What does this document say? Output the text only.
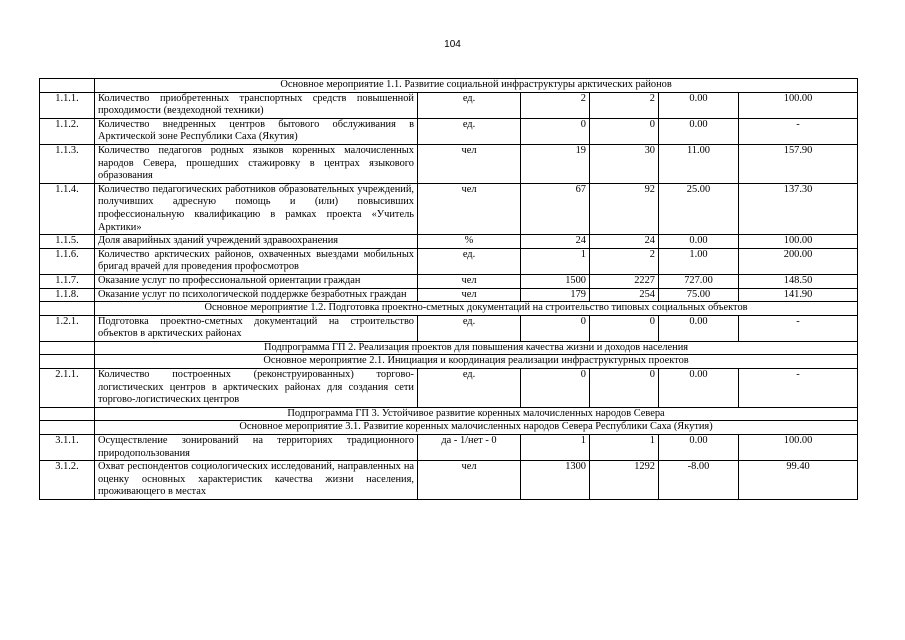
104
	Основное мероприятие 1.1. Развитие социальной инфраструктуры арктических районов					
1.1.1.	Количество приобретенных транспортных средств повышенной проходимости (вездеходной техники)	ед.	2	2	0.00	100.00
1.1.2.	Количество внедренных центров бытового обслуживания в Арктической зоне Республики Саха (Якутия)	ед.	0	0	0.00	-
1.1.3.	Количество педагогов родных языков коренных малочисленных народов Севера, прошедших стажировку в центрах языкового образования	чел	19	30	11.00	157.90
1.1.4.	Количество педагогических работников образовательных учреждений, получивших адресную помощь и (или) повысивших профессиональную квалификацию в рамках проекта «Учитель Арктики»	чел	67	92	25.00	137.30
1.1.5.	Доля аварийных зданий учреждений здравоохранения	%	24	24	0.00	100.00
1.1.6.	Количество арктических районов, охваченных выездами мобильных бригад врачей для проведения профосмотров	ед.	1	2	1.00	200.00
1.1.7.	Оказание услуг по профессиональной ориентации граждан	чел	1500	2227	727.00	148.50
1.1.8.	Оказание услуг по психологической поддержке безработных граждан	чел	179	254	75.00	141.90
	Основное мероприятие 1.2. Подготовка проектно-сметных документаций на строительство типовых социальных объектов					
1.2.1.	Подготовка проектно-сметных документаций на строительство объектов в арктических районах	ед.	0	0	0.00	-
	Подпрограмма ГП 2. Реализация проектов для повышения качества жизни и доходов населения					
	Основное мероприятие 2.1. Инициация и координация реализации инфраструктурных проектов					
2.1.1.	Количество построенных (реконструированных) торгово-логистических центров в арктических районах для создания сети торгово-логистических центров	ед.	0	0	0.00	-
	Подпрограмма ГП 3. Устойчивое развитие коренных малочисленных народов Севера					
	Основное мероприятие 3.1. Развитие коренных малочисленных народов Севера Республики Саха (Якутия)					
3.1.1.	Осуществление зонирований на территориях традиционного природопользования	да - 1/нет - 0	1	1	0.00	100.00
3.1.2.	Охват респондентов социологических исследований, направленных на оценку основных характеристик качества жизни населения, проживающего в местах	чел	1300	1292	-8.00	99.40
